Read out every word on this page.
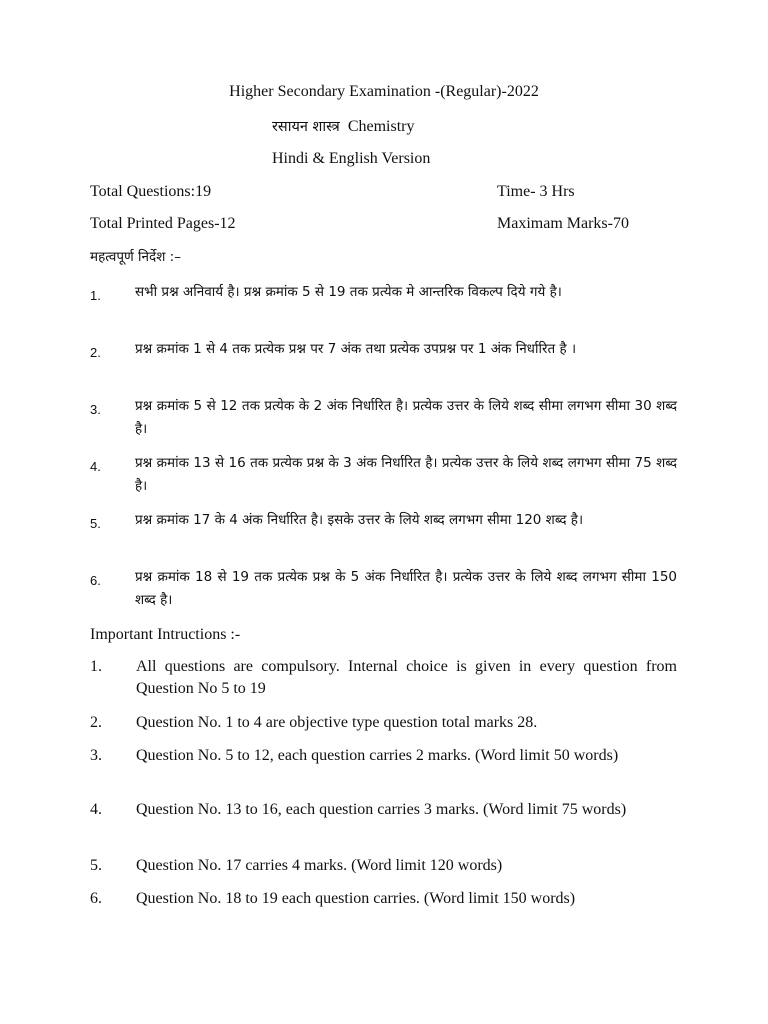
Higher Secondary Examination -(Regular)-2022
रसायन शास्त्र Chemistry
Hindi & English Version
Total Questions:19	Time- 3 Hrs
Total Printed Pages-12	Maximam Marks-70
महत्वपूर्ण निर्देश :–
1.	सभी प्रश्न अनिवार्य है। प्रश्न क्रमांक 5 से 19 तक प्रत्येक मे आन्तरिक विकल्प दिये गये है।
2.	प्रश्न क्रमांक 1 से 4 तक प्रत्येक प्रश्न पर 7 अंक तथा प्रत्येक उपप्रश्न पर 1 अंक निर्धारित है ।
3.	प्रश्न क्रमांक 5 से 12 तक प्रत्येक के 2 अंक निर्धारित है। प्रत्येक उत्तर के लिये शब्द सीमा लगभग सीमा 30 शब्द है।
4.	प्रश्न क्रमांक 13 से 16 तक प्रत्येक प्रश्न के 3 अंक निर्धारित है। प्रत्येक उत्तर के लिये शब्द लगभग सीमा 75 शब्द है।
5.	प्रश्न क्रमांक 17 के 4 अंक निर्धारित है। इसके उत्तर के लिये शब्द लगभग सीमा 120 शब्द है।
6.	प्रश्न क्रमांक 18 से 19 तक प्रत्येक प्रश्न के 5 अंक निर्धारित है। प्रत्येक उत्तर के लिये शब्द लगभग सीमा 150 शब्द है।
Important Intructions :-
1. All questions are compulsory. Internal choice is given in every question from Question No 5 to 19
2. Question No. 1 to 4 are objective type question total marks 28.
3. Question No. 5 to 12, each question carries 2 marks. (Word limit 50 words)
4. Question No. 13 to 16, each question carries 3 marks. (Word limit 75 words)
5. Question No. 17 carries 4 marks. (Word limit 120 words)
6. Question No. 18 to 19 each question carries. (Word limit 150 words)
